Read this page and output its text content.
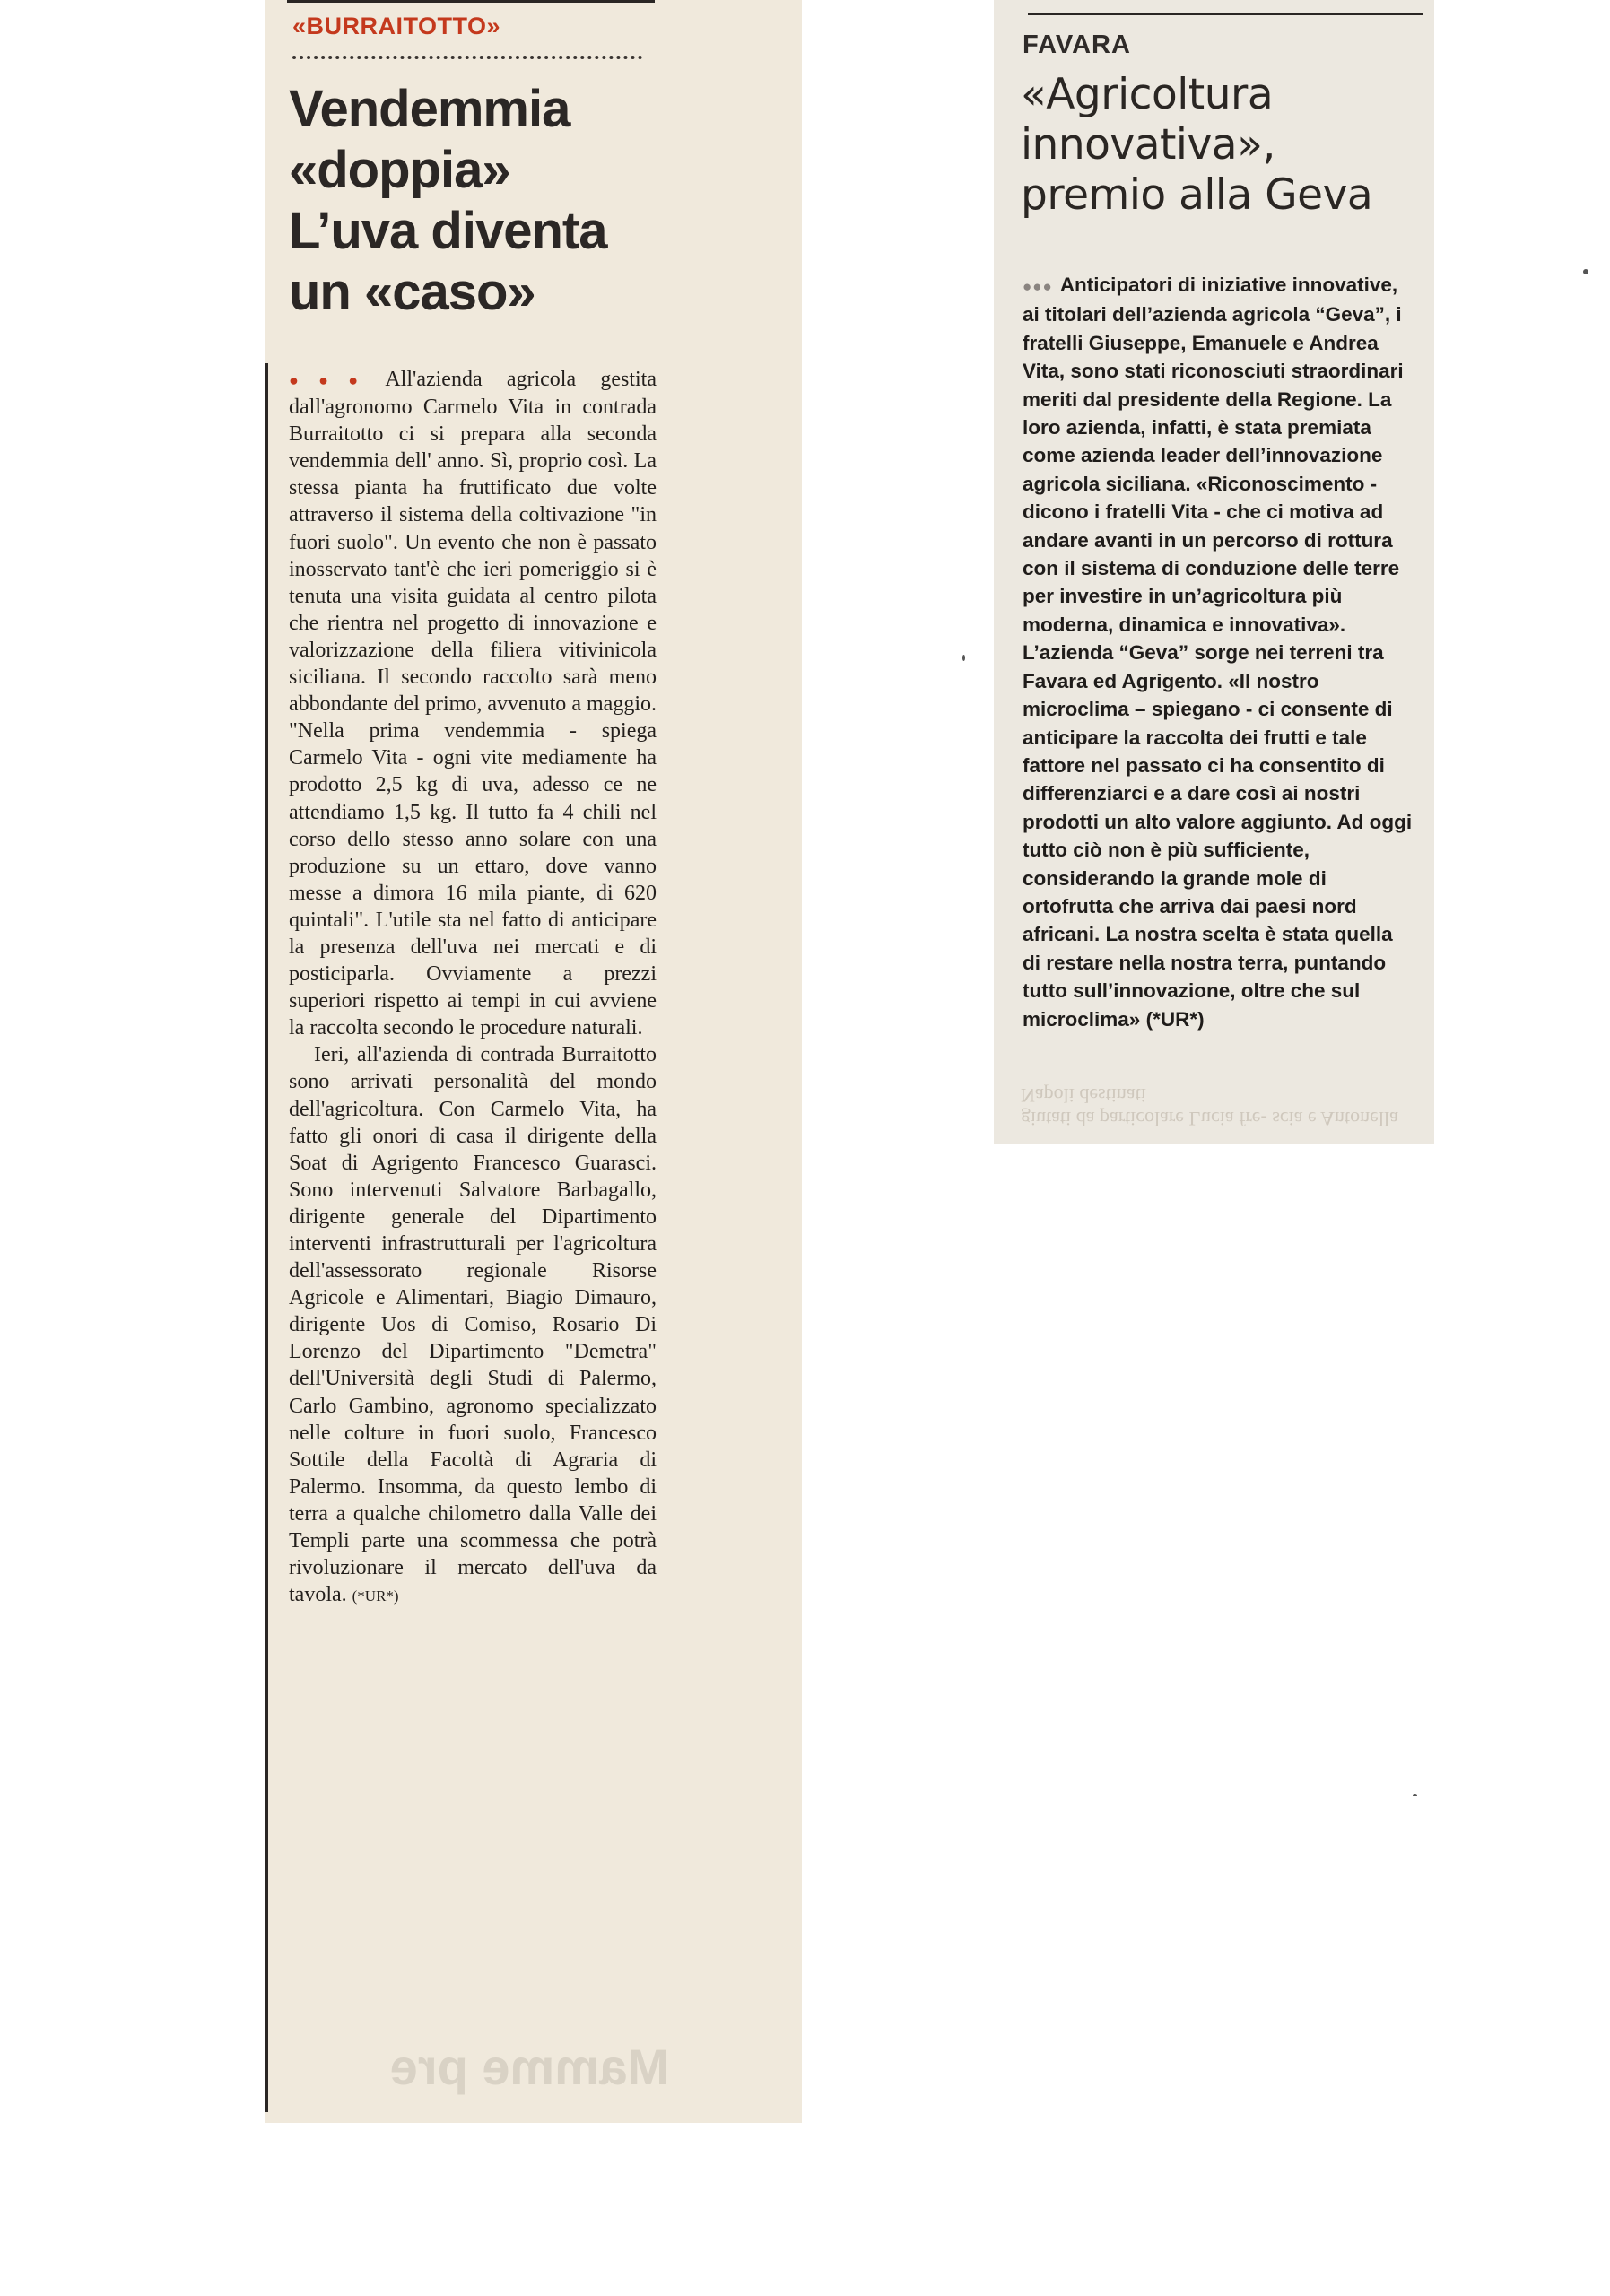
«BURRAITOTTO»
Vendemmia
«doppia»
L’uva diventa
un «caso»

●●● All'azienda agricola gestita dall'agronomo Carmelo Vita in contrada Burraitotto ci si prepara alla seconda vendemmia dell' anno. Sì, proprio così. La stessa pianta ha fruttificato due volte attraverso il sistema della coltivazione "in fuori suolo". Un evento che non è passato inosservato tant'è che ieri pomeriggio si è tenuta una visita guidata al centro pilota che rientra nel progetto di innovazione e valorizzazione della filiera vitivinicola siciliana. Il secondo raccolto sarà meno abbondante del primo, avvenuto a maggio. "Nella prima vendemmia - spiega Carmelo Vita - ogni vite mediamente ha prodotto 2,5 kg di uva, adesso ce ne attendiamo 1,5 kg. Il tutto fa 4 chili nel corso dello stesso anno solare con una produzione su un ettaro, dove vanno messe a dimora 16 mila piante, di 620 quintali". L'utile sta nel fatto di anticipare la presenza dell'uva nei mercati e di posticiparla. Ovviamente a prezzi superiori rispetto ai tempi in cui avviene la raccolta secondo le procedure naturali.

Ieri, all'azienda di contrada Burraitotto sono arrivati personalità del mondo dell'agricoltura. Con Carmelo Vita, ha fatto gli onori di casa il dirigente della Soat di Agrigento Francesco Guarasci. Sono intervenuti Salvatore Barbagallo, dirigente generale del Dipartimento interventi infrastrutturali per l'agricoltura dell'assessorato regionale Risorse Agricole e Alimentari, Biagio Dimauro, dirigente Uos di Comiso, Rosario Di Lorenzo del Dipartimento "Demetra" dell'Università degli Studi di Palermo, Carlo Gambino, agronomo specializzato nelle colture in fuori suolo, Francesco Sottile della Facoltà di Agraria di Palermo. Insomma, da questo lembo di terra a qualche chilometro dalla Valle dei Templi parte una scommessa che potrà rivoluzionare il mercato dell'uva da tavola. (*UR*)

Mamme pre
FAVARA
«Agricoltura
innovativa»,
premio alla Geva
●●● Anticipatori di iniziative innovative, ai titolari dell’azienda agricola “Geva”, i fratelli Giuseppe, Emanuele e Andrea Vita, sono stati riconosciuti straordinari meriti dal presidente della Regione. La loro azienda, infatti, è stata premiata come azienda leader dell’innovazione agricola siciliana. «Riconoscimento - dicono i fratelli Vita - che ci motiva ad andare avanti in un percorso di rottura con il sistema di conduzione delle terre per investire in un’agricoltura più moderna, dinamica e innovativa». L’azienda “Geva” sorge nei terreni tra Favara ed Agrigento. «Il nostro microclima – spiegano - ci consente di anticipare la raccolta dei frutti e tale fattore nel passato ci ha consentito di differenziarci e a dare così ai nostri prodotti un alto valore aggiunto. Ad oggi tutto ciò non è più sufficiente, considerando la grande mole di ortofrutta che arriva dai paesi nord africani. La nostra scelta è stata quella di restare nella nostra terra, puntando tutto sull’innovazione, oltre che sul microclima» (*UR*)
giutati da particolare Lucia fre- scia e Antonella Napoli destinati
